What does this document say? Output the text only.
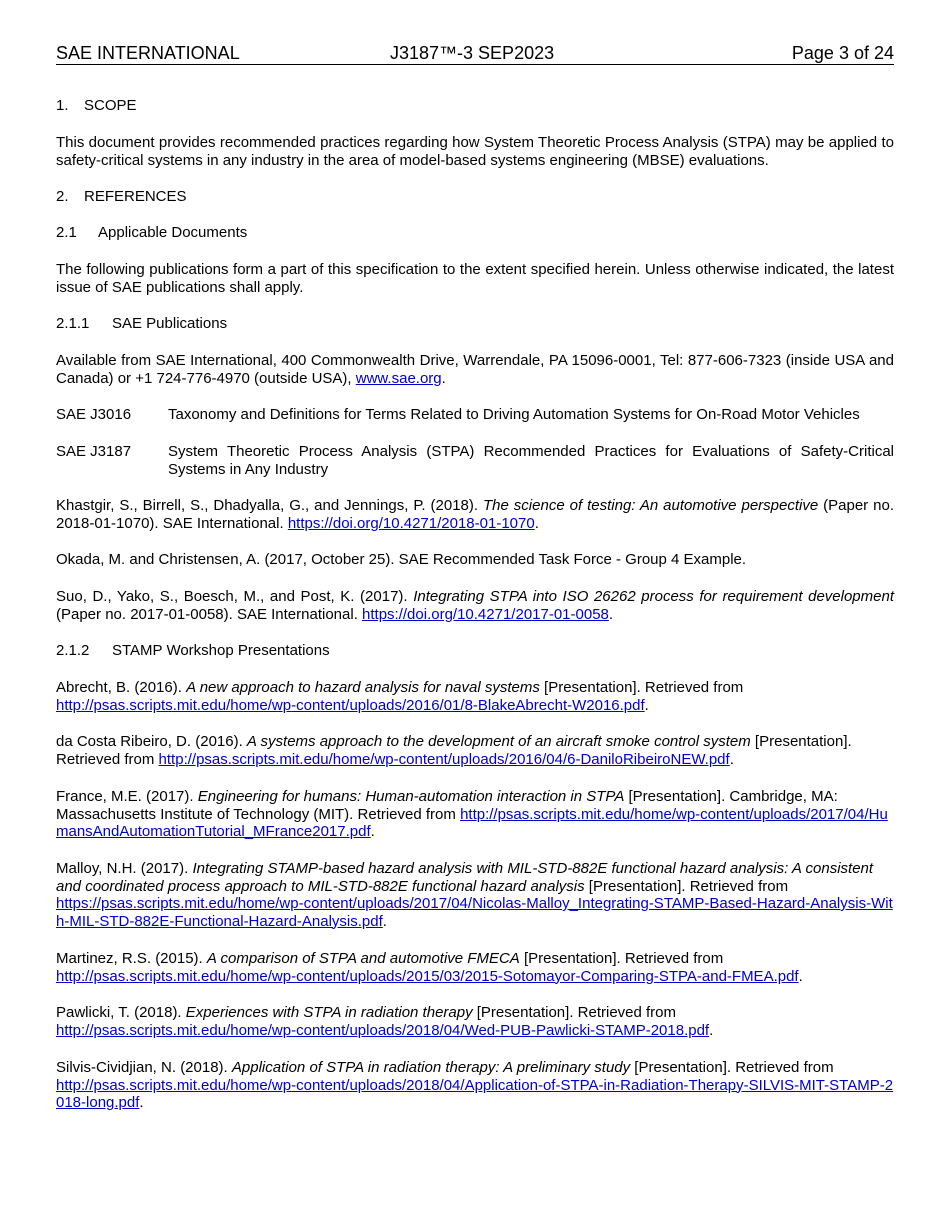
SAE INTERNATIONAL	J3187™-3 SEP2023	Page 3 of 24
1. SCOPE
This document provides recommended practices regarding how System Theoretic Process Analysis (STPA) may be applied to safety-critical systems in any industry in the area of model-based systems engineering (MBSE) evaluations.
2. REFERENCES
2.1 Applicable Documents
The following publications form a part of this specification to the extent specified herein. Unless otherwise indicated, the latest issue of SAE publications shall apply.
2.1.1 SAE Publications
Available from SAE International, 400 Commonwealth Drive, Warrendale, PA 15096-0001, Tel: 877-606-7323 (inside USA and Canada) or +1 724-776-4970 (outside USA), www.sae.org.
SAE J3016 Taxonomy and Definitions for Terms Related to Driving Automation Systems for On-Road Motor Vehicles
SAE J3187 System Theoretic Process Analysis (STPA) Recommended Practices for Evaluations of Safety-Critical Systems in Any Industry
Khastgir, S., Birrell, S., Dhadyalla, G., and Jennings, P. (2018). The science of testing: An automotive perspective (Paper no. 2018-01-1070). SAE International. https://doi.org/10.4271/2018-01-1070.
Okada, M. and Christensen, A. (2017, October 25). SAE Recommended Task Force - Group 4 Example.
Suo, D., Yako, S., Boesch, M., and Post, K. (2017). Integrating STPA into ISO 26262 process for requirement development (Paper no. 2017-01-0058). SAE International. https://doi.org/10.4271/2017-01-0058.
2.1.2 STAMP Workshop Presentations
Abrecht, B. (2016). A new approach to hazard analysis for naval systems [Presentation]. Retrieved from
http://psas.scripts.mit.edu/home/wp-content/uploads/2016/01/8-BlakeAbrecht-W2016.pdf.
da Costa Ribeiro, D. (2016). A systems approach to the development of an aircraft smoke control system [Presentation].
Retrieved from http://psas.scripts.mit.edu/home/wp-content/uploads/2016/04/6-DaniloRibeiroNEW.pdf.
France, M.E. (2017). Engineering for humans: Human-automation interaction in STPA [Presentation]. Cambridge, MA:
Massachusetts Institute of Technology (MIT). Retrieved from http://psas.scripts.mit.edu/home/wp-content/uploads/2017/04/HumansAndAutomationTutorial_MFrance2017.pdf.
Malloy, N.H. (2017). Integrating STAMP-based hazard analysis with MIL-STD-882E functional hazard analysis: A consistent and coordinated process approach to MIL-STD-882E functional hazard analysis [Presentation]. Retrieved from
https://psas.scripts.mit.edu/home/wp-content/uploads/2017/04/Nicolas-Malloy_Integrating-STAMP-Based-Hazard-Analysis-With-MIL-STD-882E-Functional-Hazard-Analysis.pdf.
Martinez, R.S. (2015). A comparison of STPA and automotive FMECA [Presentation]. Retrieved from
http://psas.scripts.mit.edu/home/wp-content/uploads/2015/03/2015-Sotomayor-Comparing-STPA-and-FMEA.pdf.
Pawlicki, T. (2018). Experiences with STPA in radiation therapy [Presentation]. Retrieved from
http://psas.scripts.mit.edu/home/wp-content/uploads/2018/04/Wed-PUB-Pawlicki-STAMP-2018.pdf.
Silvis-Cividjian, N. (2018). Application of STPA in radiation therapy: A preliminary study [Presentation]. Retrieved from
http://psas.scripts.mit.edu/home/wp-content/uploads/2018/04/Application-of-STPA-in-Radiation-Therapy-SILVIS-MIT-STAMP-2018-long.pdf.
